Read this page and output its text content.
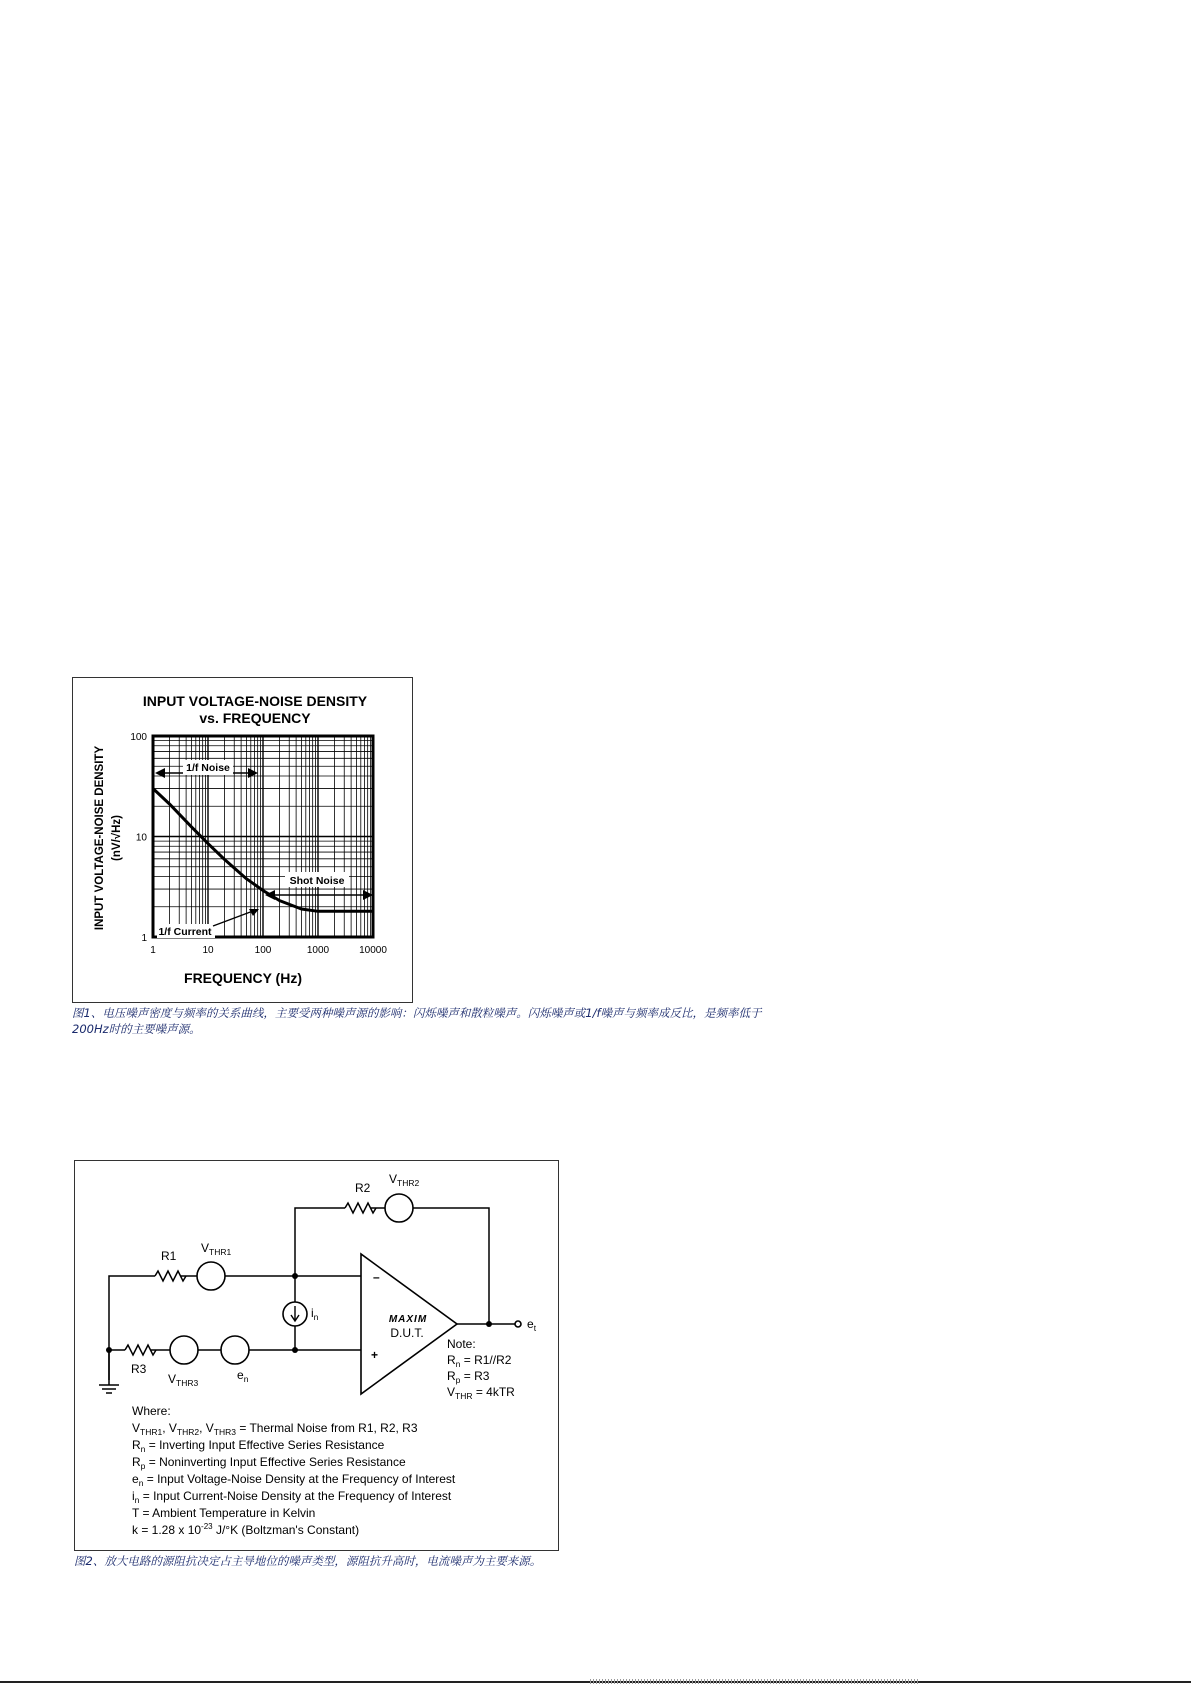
INPUT VOLTAGE-NOISE DENSITY
vs. FREQUENCY
1	10	100	1000	10000
1
10
100
FREQUENCY (Hz)
INPUT VOLTAGE-NOISE DENSITY (nV/√Hz)
1/f Noise
Shot Noise
1/f Current
图1、电压噪声密度与频率的关系曲线，主要受两种噪声源的影响：闪烁噪声和散粒噪声。闪烁噪声或1/f噪声与频率成反比，是频率低于200Hz时的主要噪声源。
–
+
MAXIM
D.U.T.
R2
$V_{THR2}$
R1
$V_{THR1}$
R3
$V_{THR3}$
$e_n$
$i_n$	$e_t$
Note:
$R_n = R1//R2$
$R_p = R3$
$V_{THR} = 4kTR$
Where:
$V_{THR1}$, $V_{THR2}$, $V_{THR3}$ = Thermal Noise from R1, R2, R3
$R_n$ = Inverting Input Effective Series Resistance
$R_p$ = Noninverting Input Effective Series Resistance
$e_n$ = Input Voltage-Noise Density at the Frequency of Interest
$i_n$ = Input Current-Noise Density at the Frequency of Interest
T = Ambient Temperature in Kelvin
k = 1.28 x $10^{-23}$ J/°K (Boltzman's Constant)
图2、放大电路的源阻抗决定占主导地位的噪声类型，源阻抗升高时，电流噪声为主要来源。
